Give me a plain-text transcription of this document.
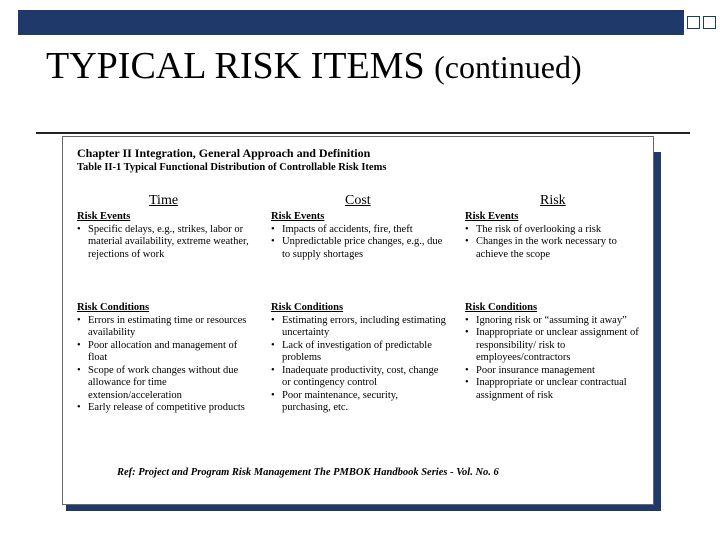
TYPICAL RISK ITEMS (continued)
Chapter II Integration, General Approach and Definition
Table II-1 Typical Functional Distribution of Controllable Risk Items
Time	Cost	Risk

Risk Events

• Specific delays, e.g., strikes, labor or material availability, extreme weather, rejections of work

Risk Conditions

• Errors in estimating time or resources availability
• Poor allocation and management of float
• Scope of work changes without due allowance for time extension/acceleration
• Early release of competitive products

Risk Events

• Impacts of accidents, fire, theft
• Unpredictable price changes, e.g., due to supply shortages

Risk Conditions

• Estimating errors, including estimating uncertainty
• Lack of investigation of predictable problems
• Inadequate productivity, cost, change or contingency control
• Poor maintenance, security, purchasing, etc.

Risk Events

• The risk of overlooking a risk
• Changes in the work necessary to achieve the scope

Risk Conditions

• Ignoring risk or “assuming it away”
• Inappropriate or unclear assignment of responsibility/ risk to employees/contractors
• Poor insurance management
• Inappropriate or unclear contractual assignment of risk
Ref: Project and Program Risk Management The PMBOK Handbook Series - Vol. No. 6
